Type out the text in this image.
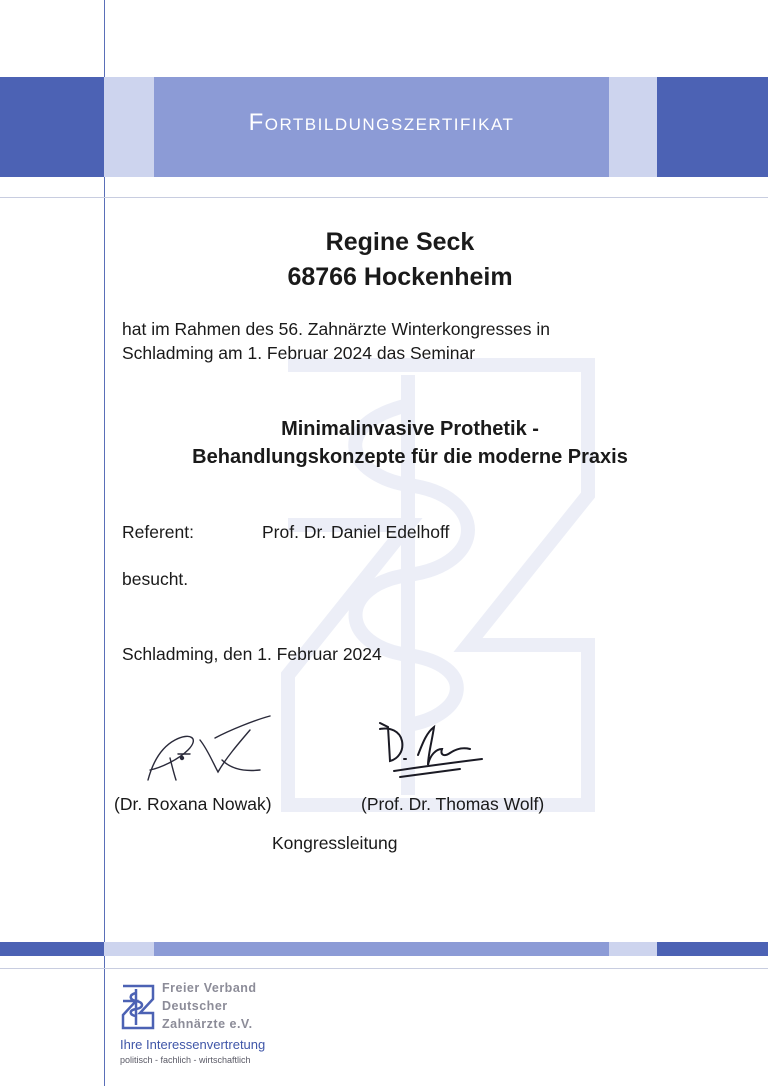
Fortbildungszertifikat
Regine Seck
68766 Hockenheim
hat im Rahmen des 56. Zahnärzte Winterkongresses in
Schladming am 1. Februar 2024 das Seminar
Minimalinvasive Prothetik -
Behandlungskonzepte für die moderne Praxis
Referent:	Prof. Dr. Daniel Edelhoff
besucht.
Schladming, den 1. Februar 2024
(Dr. Roxana Nowak)	(Prof. Dr. Thomas Wolf)
Kongressleitung
Freier Verband
Deutscher
Zahnärzte e.V.
Ihre Interessenvertretung
politisch - fachlich - wirtschaftlich
